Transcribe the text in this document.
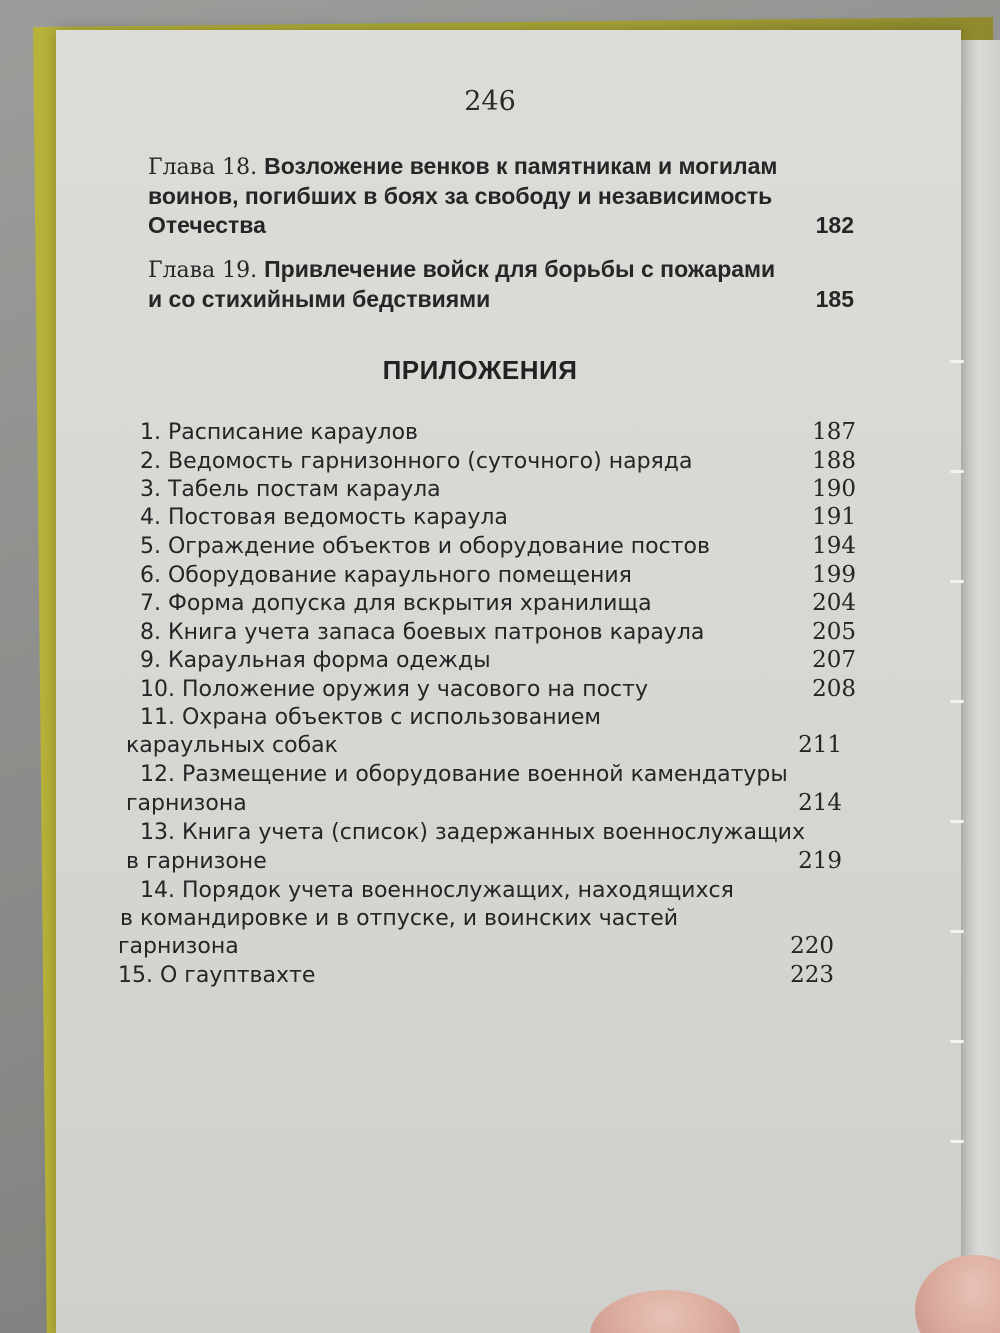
246
Глава 18. Возложение венков к памятникам и могилам
воинов, погибших в боях за свободу и независимость
Отечества	182
Глава 19. Привлечение войск для борьбы с пожарами
и со стихийными бедствиями	185
ПРИЛОЖЕНИЯ
1. Расписание караулов	187
2. Ведомость гарнизонного (суточного) наряда	188
3. Табель постам караула	190
4. Постовая ведомость караула	191
5. Ограждение объектов и оборудование постов	194
6. Оборудование караульного помещения	199
7. Форма допуска для вскрытия хранилища	204
8. Книга учета запаса боевых патронов караула	205
9. Караульная форма одежды	207
10. Положение оружия у часового на посту	208
11. Охрана объектов с использованием
караульных собак	211
12. Размещение и оборудование военной камендатуры
гарнизона	214
13. Книга учета (список) задержанных военнослужащих
в гарнизоне	219
14. Порядок учета военнослужащих, находящихся
в командировке и в отпуске, и воинских частей
гарнизона	220
15. О гауптвахте	223
